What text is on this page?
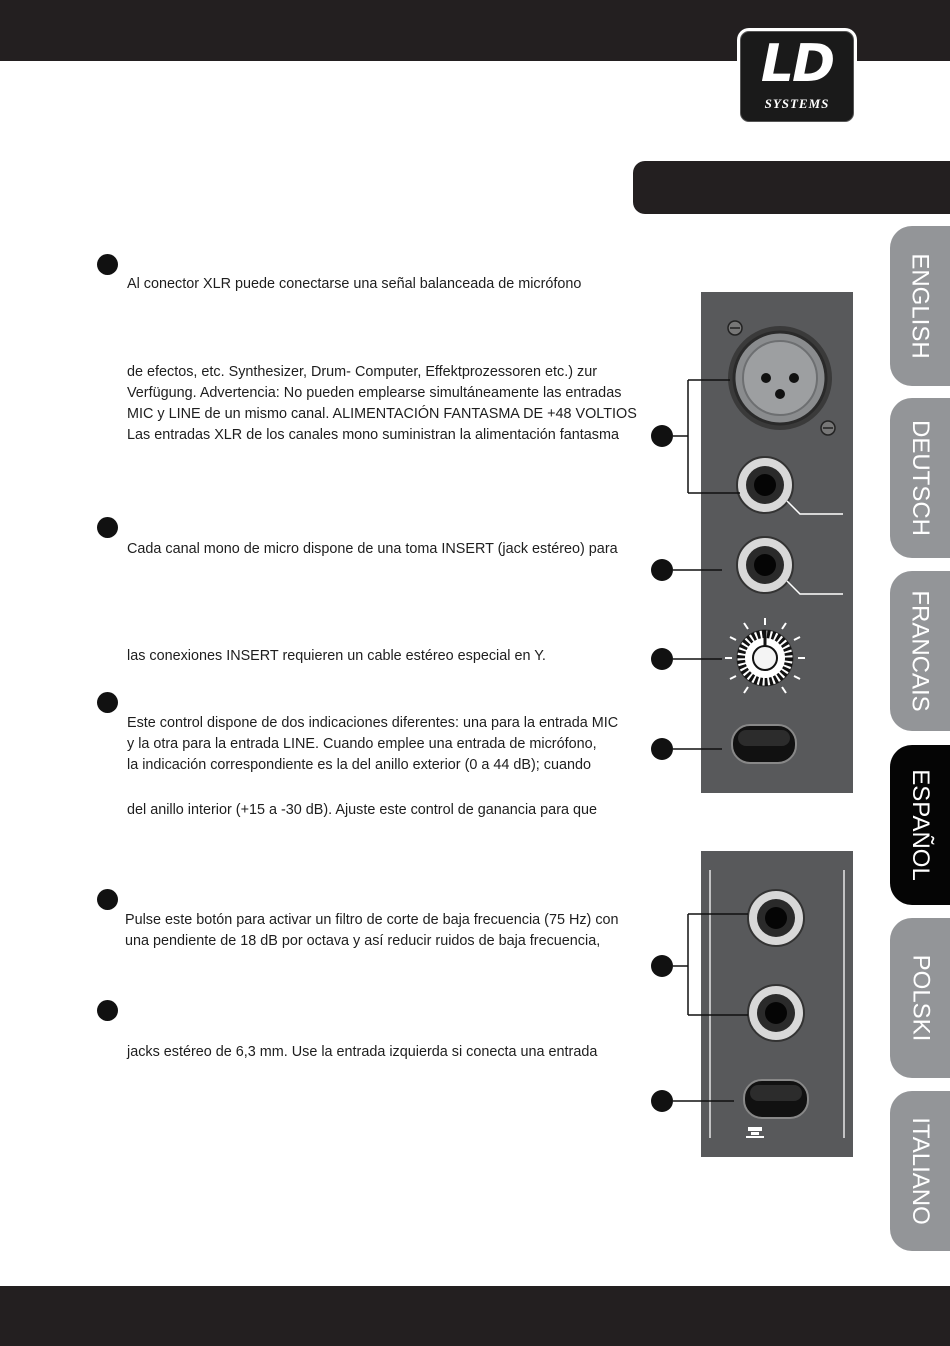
LD
SYSTEMS
ENGLISH
DEUTSCH
FRANCAIS
ESPAÑOL
POLSKI
ITALIANO
Al conector XLR puede conectarse una señal balanceada de micrófono
de efectos, etc. Synthesizer, Drum- Computer, Effektprozessoren etc.) zur
Verfügung. Advertencia: No pueden emplearse simultáneamente las entradas
MIC y LINE de un mismo canal. ALIMENTACIÓN FANTASMA DE +48 VOLTIOS
Las entradas XLR de los canales mono suministran la alimentación fantasma
Cada canal mono de micro dispone de una toma INSERT (jack estéreo) para
las conexiones INSERT requieren un cable estéreo especial en Y.
Este control dispone de dos indicaciones diferentes: una para la entrada MIC
y la otra para la entrada LINE. Cuando emplee una entrada de micrófono,
la indicación correspondiente es la del anillo exterior (0 a 44 dB); cuando
del anillo interior (+15 a -30 dB). Ajuste este control de ganancia para que
Pulse este botón para activar un filtro de corte de baja frecuencia (75 Hz) con
una pendiente de 18 dB por octava y así reducir ruidos de baja frecuencia,
jacks estéreo de 6,3 mm. Use la entrada izquierda si conecta una entrada
